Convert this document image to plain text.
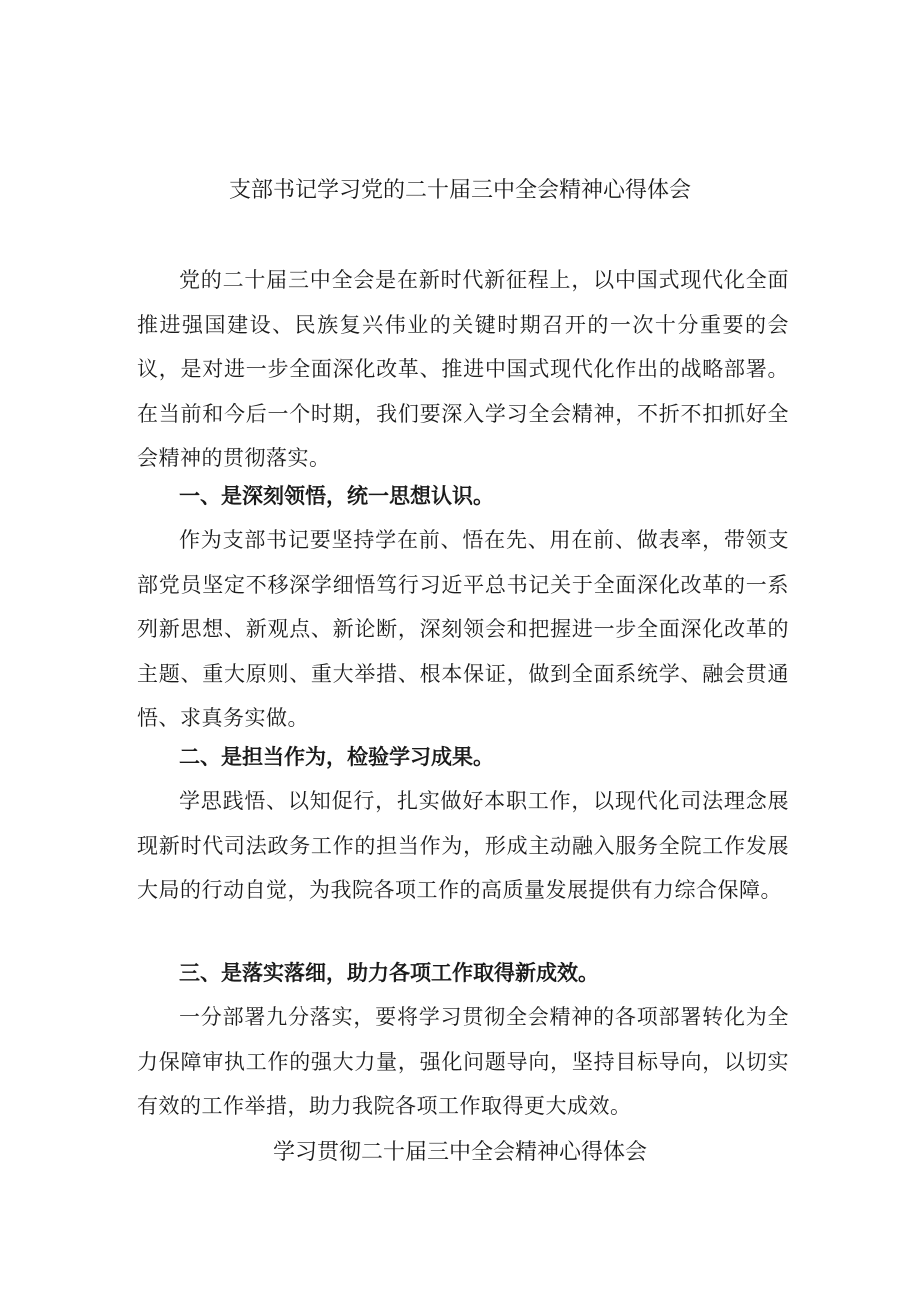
支部书记学习党的二十届三中全会精神心得体会

党的二十届三中全会是在新时代新征程上，以中国式现代化全面推进强国建设、民族复兴伟业的关键时期召开的一次十分重要的会议，是对进一步全面深化改革、推进中国式现代化作出的战略部署。在当前和今后一个时期，我们要深入学习全会精神，不折不扣抓好全会精神的贯彻落实。

一、是深刻领悟，统一思想认识。

作为支部书记要坚持学在前、悟在先、用在前、做表率，带领支部党员坚定不移深学细悟笃行习近平总书记关于全面深化改革的一系列新思想、新观点、新论断，深刻领会和把握进一步全面深化改革的主题、重大原则、重大举措、根本保证，做到全面系统学、融会贯通悟、求真务实做。

二、是担当作为，检验学习成果。

学思践悟、以知促行，扎实做好本职工作，以现代化司法理念展现新时代司法政务工作的担当作为，形成主动融入服务全院工作发展大局的行动自觉，为我院各项工作的高质量发展提供有力综合保障。

三、是落实落细，助力各项工作取得新成效。

一分部署九分落实，要将学习贯彻全会精神的各项部署转化为全力保障审执工作的强大力量，强化问题导向，坚持目标导向，以切实有效的工作举措，助力我院各项工作取得更大成效。

学习贯彻二十届三中全会精神心得体会
